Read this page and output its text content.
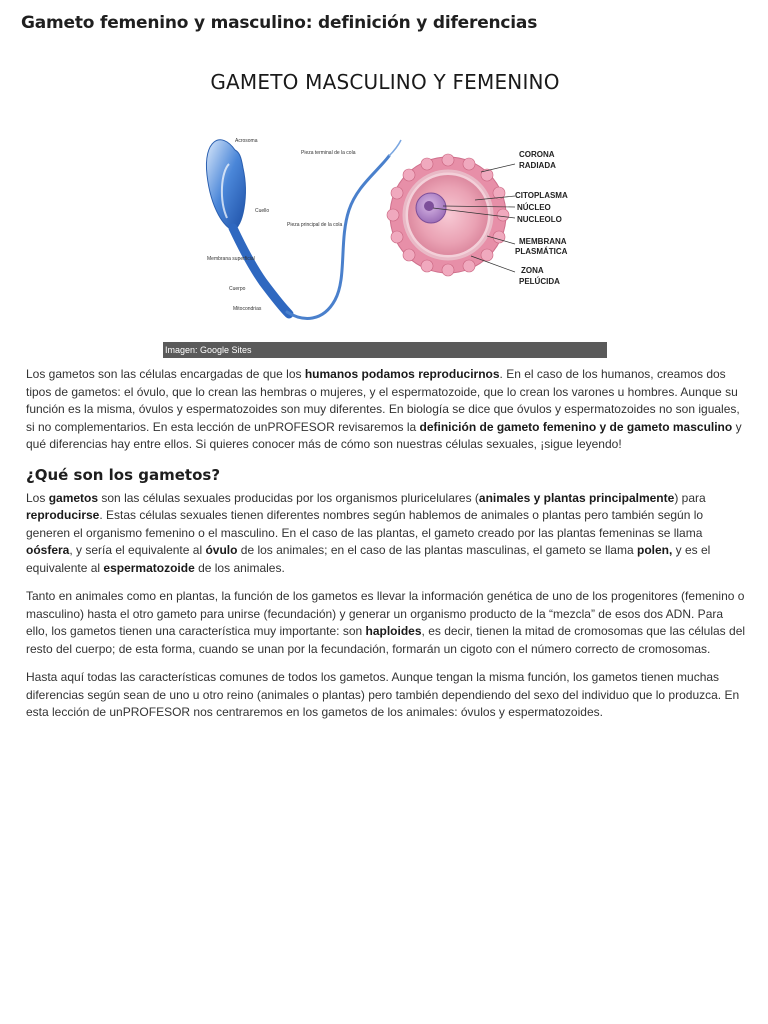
Gameto femenino y masculino: definición y diferencias
Acrosoma
Pieza terminal de la cola
Cuello
Pieza principal de la cola
Membrana superficial
Cuerpo
Mitocondrias
CORONA
RADIADA
CITOPLASMA
NÚCLEO
NUCLEOLO
MEMBRANA
PLASMÁTICA
ZONA
PELÚCIDA
GAMETO MASCULINO Y FEMENINO
Imagen: Google Sites

Los gametos son las células encargadas de que los humanos podamos reproducirnos. En el caso de los humanos, creamos dos tipos de gametos: el óvulo, que lo crean las hembras o mujeres, y el espermatozoide, que lo crean los varones u hombres. Aunque su función es la misma, óvulos y espermatozoides son muy diferentes. En biología se dice que óvulos y espermatozoides no son iguales, si no complementarios. En esta lección de unPROFESOR revisaremos la definición de gameto femenino y de gameto masculino y qué diferencias hay entre ellos. Si quieres conocer más de cómo son nuestras células sexuales, ¡sigue leyendo!

¿Qué son los gametos?

Los gametos son las células sexuales producidas por los organismos pluricelulares (animales y plantas principalmente) para reproducirse. Estas células sexuales tienen diferentes nombres según hablemos de animales o plantas pero también según lo generen el organismo femenino o el masculino. En el caso de las plantas, el gameto creado por las plantas femeninas se llama oósfera, y sería el equivalente al óvulo de los animales; en el caso de las plantas masculinas, el gameto se llama polen, y es el equivalente al espermatozoide de los animales.

Tanto en animales como en plantas, la función de los gametos es llevar la información genética de uno de los progenitores (femenino o masculino) hasta el otro gameto para unirse (fecundación) y generar un organismo producto de la “mezcla” de esos dos ADN. Para ello, los gametos tienen una característica muy importante: son haploides, es decir, tienen la mitad de cromosomas que las células del resto del cuerpo; de esta forma, cuando se unan por la fecundación, formarán un cigoto con el número correcto de cromosomas.

Hasta aquí todas las características comunes de todos los gametos. Aunque tengan la misma función, los gametos tienen muchas diferencias según sean de uno u otro reino (animales o plantas) pero también dependiendo del sexo del individuo que lo produzca. En esta lección de unPROFESOR nos centraremos en los gametos de los animales: óvulos y espermatozoides.
